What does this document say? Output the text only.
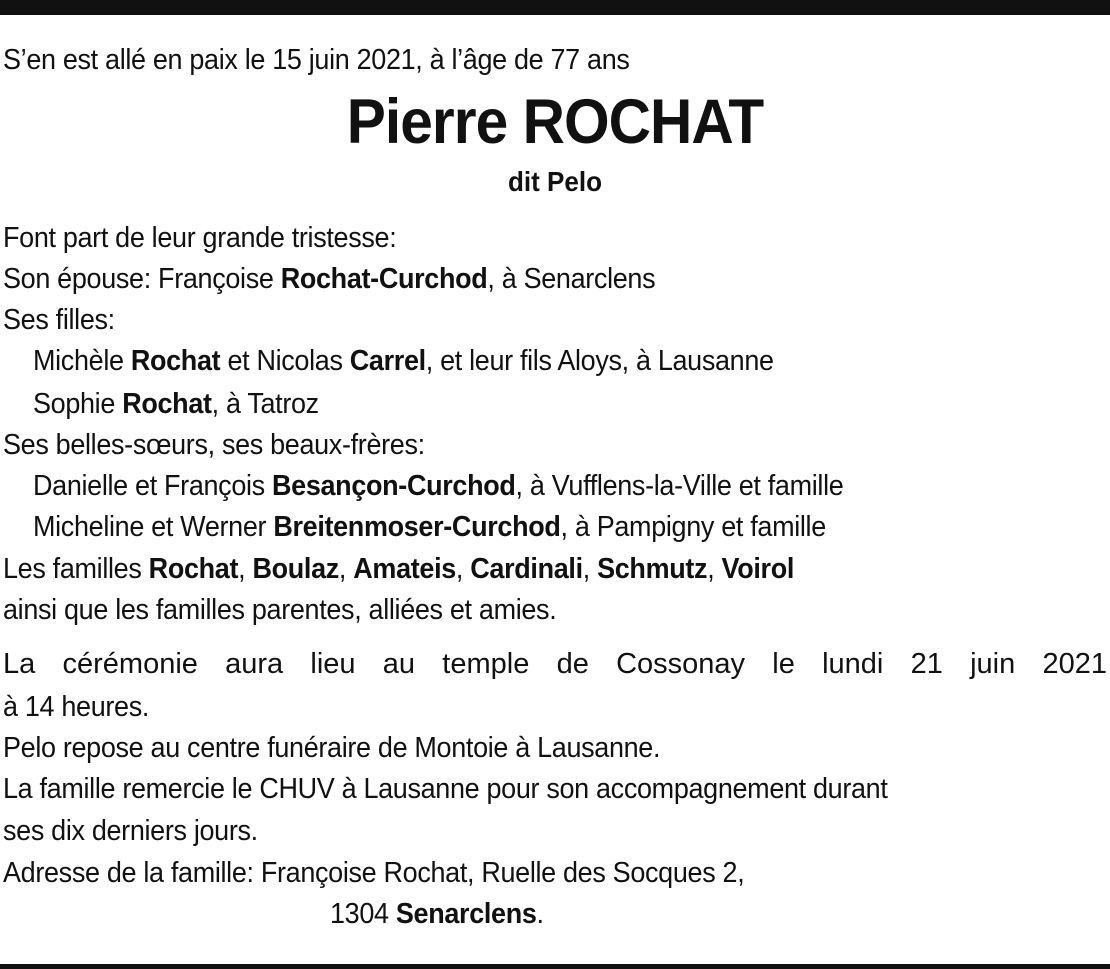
S’en est allé en paix le 15 juin 2021, à l’âge de 77 ans
Pierre ROCHAT
dit Pelo
Font part de leur grande tristesse:
Son épouse: Françoise Rochat-Curchod, à Senarclens
Ses filles:
Michèle Rochat et Nicolas Carrel, et leur fils Aloys, à Lausanne
Sophie Rochat, à Tatroz
Ses belles-sœurs, ses beaux-frères:
Danielle et François Besançon-Curchod, à Vufflens-la-Ville et famille
Micheline et Werner Breitenmoser-Curchod, à Pampigny et famille
Les familles Rochat, Boulaz, Amateis, Cardinali, Schmutz, Voirol
ainsi que les familles parentes, alliées et amies.
La cérémonie aura lieu au temple de Cossonay le lundi 21 juin 2021
à 14 heures.
Pelo repose au centre funéraire de Montoie à Lausanne.
La famille remercie le CHUV à Lausanne pour son accompagnement durant
ses dix derniers jours.
Adresse de la famille: Françoise Rochat, Ruelle des Socques 2,
1304 Senarclens.
